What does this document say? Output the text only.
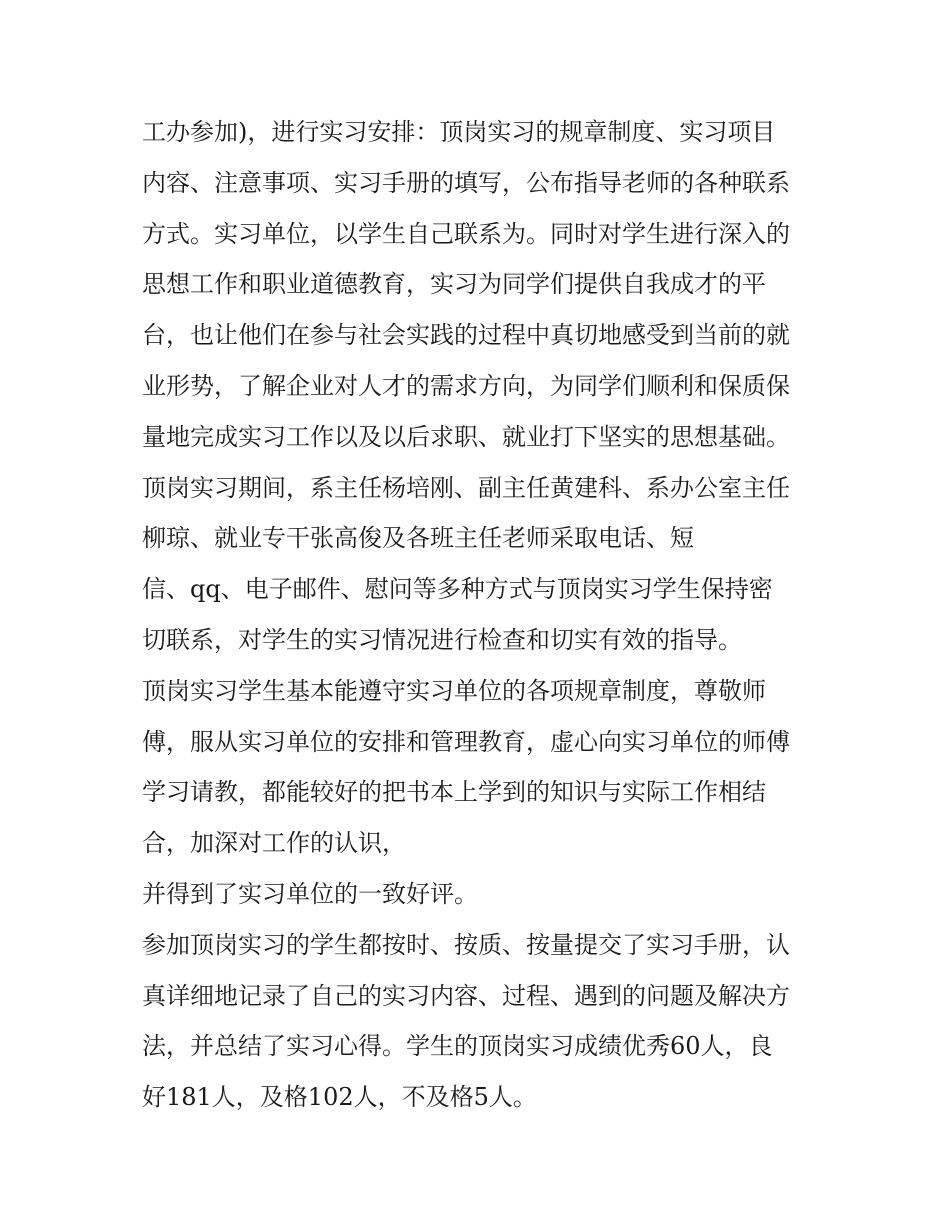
工办参加)，进行实习安排：顶岗实习的规章制度、实习项目
内容、注意事项、实习手册的填写，公布指导老师的各种联系
方式。实习单位，以学生自己联系为。同时对学生进行深入的
思想工作和职业道德教育，实习为同学们提供自我成才的平
台，也让他们在参与社会实践的过程中真切地感受到当前的就
业形势，了解企业对人才的需求方向，为同学们顺利和保质保
量地完成实习工作以及以后求职、就业打下坚实的思想基础。
顶岗实习期间，系主任杨培刚、副主任黄建科、系办公室主任
柳琼、就业专干张高俊及各班主任老师采取电话、短
信、qq、电子邮件、慰问等多种方式与顶岗实习学生保持密
切联系，对学生的实习情况进行检查和切实有效的指导。
顶岗实习学生基本能遵守实习单位的各项规章制度，尊敬师
傅，服从实习单位的安排和管理教育，虚心向实习单位的师傅
学习请教，都能较好的把书本上学到的知识与实际工作相结
合，加深对工作的认识，
并得到了实习单位的一致好评。
参加顶岗实习的学生都按时、按质、按量提交了实习手册，认
真详细地记录了自己的实习内容、过程、遇到的问题及解决方
法，并总结了实习心得。学生的顶岗实习成绩优秀60人，良
好181人，及格102人，不及格5人。
